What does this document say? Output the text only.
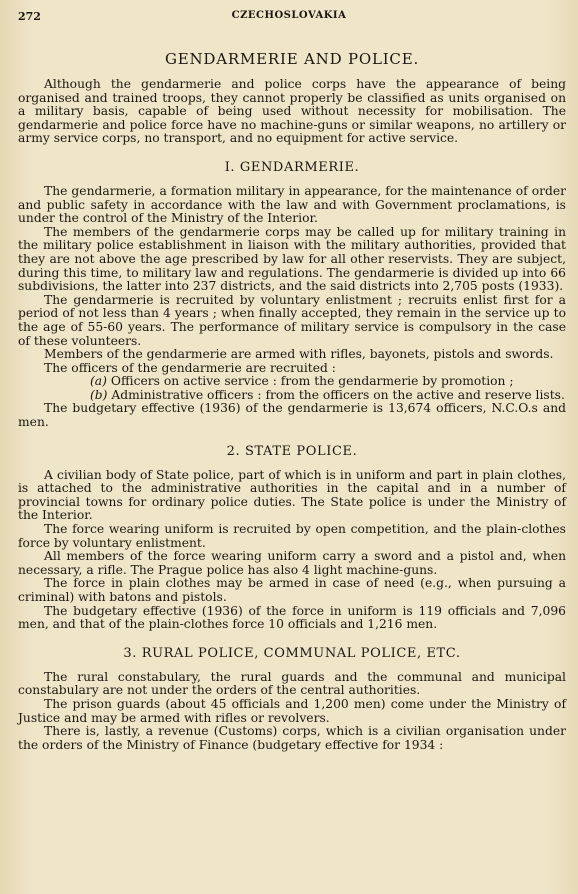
272	CZECHOSLOVAKIA
GENDARMERIE AND POLICE.

Although the gendarmerie and police corps have the appearance of being organised and trained troops, they cannot properly be classified as units organised on a military basis, capable of being used without necessity for mobilisation. The gendarmerie and police force have no machine-guns or similar weapons, no artillery or army service corps, no transport, and no equipment for active service.

I. GENDARMERIE.

The gendarmerie, a formation military in appearance, for the maintenance of order and public safety in accordance with the law and with Government proclamations, is under the control of the Ministry of the Interior.

The members of the gendarmerie corps may be called up for military training in the military police establishment in liaison with the military authorities, provided that they are not above the age prescribed by law for all other reservists. They are subject, during this time, to military law and regulations. The gendarmerie is divided up into 66 subdivisions, the latter into 237 districts, and the said districts into 2,705 posts (1933).

The gendarmerie is recruited by voluntary enlistment ; recruits enlist first for a period of not less than 4 years ; when finally accepted, they remain in the service up to the age of 55-60 years. The performance of military service is compulsory in the case of these volunteers.

Members of the gendarmerie are armed with rifles, bayonets, pistols and swords.

The officers of the gendarmerie are recruited :

(a) Officers on active service : from the gendarmerie by promotion ;

(b) Administrative officers : from the officers on the active and reserve lists.

The budgetary effective (1936) of the gendarmerie is 13,674 officers, N.C.O.s and men.

2. STATE POLICE.

A civilian body of State police, part of which is in uniform and part in plain clothes, is attached to the administrative authorities in the capital and in a number of provincial towns for ordinary police duties. The State police is under the Ministry of the Interior.

The force wearing uniform is recruited by open competition, and the plain-clothes force by voluntary enlistment.

All members of the force wearing uniform carry a sword and a pistol and, when necessary, a rifle. The Prague police has also 4 light machine-guns.

The force in plain clothes may be armed in case of need (e.g., when pursuing a criminal) with batons and pistols.

The budgetary effective (1936) of the force in uniform is 119 officials and 7,096 men, and that of the plain-clothes force 10 officials and 1,216 men.

3. RURAL POLICE, COMMUNAL POLICE, ETC.

The rural constabulary, the rural guards and the communal and municipal constabulary are not under the orders of the central authorities.

The prison guards (about 45 officials and 1,200 men) come under the Ministry of Justice and may be armed with rifles or revolvers.

There is, lastly, a revenue (Customs) corps, which is a civilian organisation under the orders of the Ministry of Finance (budgetary effective for 1934 :
